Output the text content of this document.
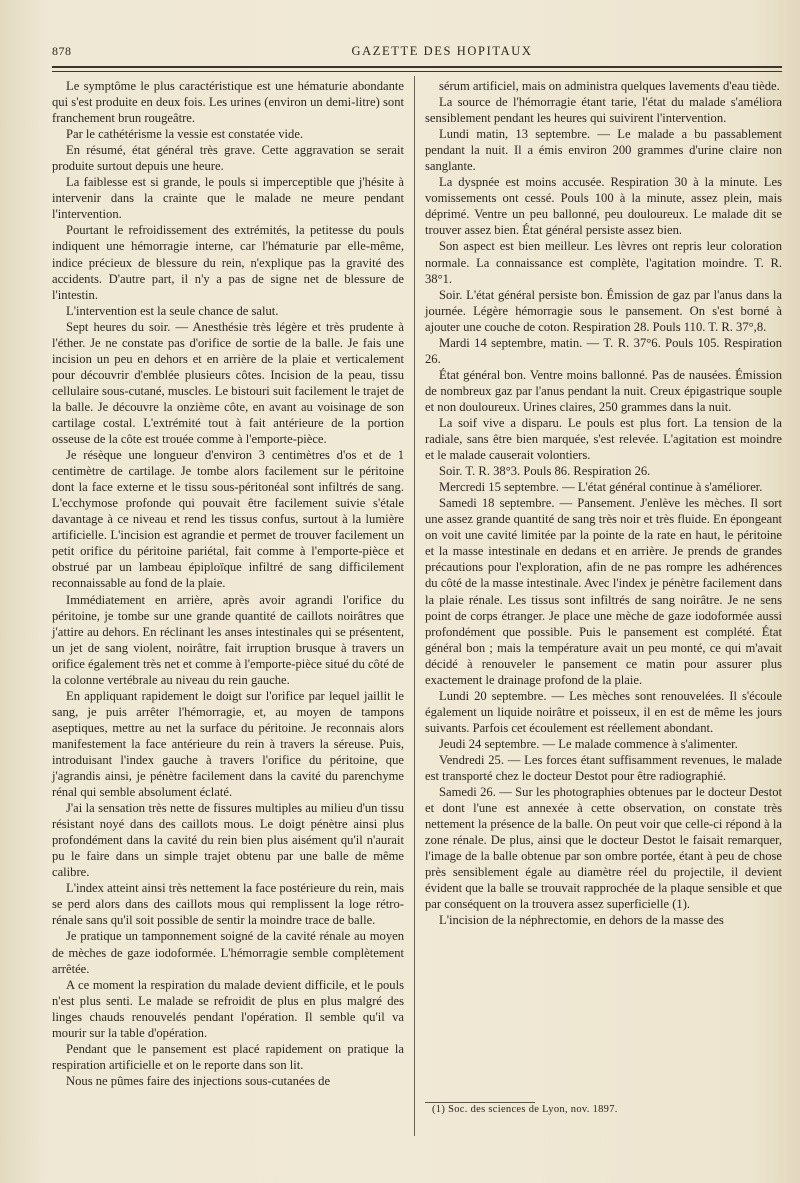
878	GAZETTE DES HOPITAUX

Le symptôme le plus caractéristique est une hématurie abondante qui s'est produite en deux fois. Les urines (environ un demi-litre) sont franchement brun rougeâtre.

Par le cathétérisme la vessie est constatée vide.

En résumé, état général très grave. Cette aggravation se serait produite surtout depuis une heure.

La faiblesse est si grande, le pouls si imperceptible que j'hésite à intervenir dans la crainte que le malade ne meure pendant l'intervention.

Pourtant le refroidissement des extrémités, la petitesse du pouls indiquent une hémorragie interne, car l'hématurie par elle-même, indice précieux de blessure du rein, n'explique pas la gravité des accidents. D'autre part, il n'y a pas de signe net de blessure de l'intestin.

L'intervention est la seule chance de salut.

Sept heures du soir. — Anesthésie très légère et très prudente à l'éther. Je ne constate pas d'orifice de sortie de la balle. Je fais une incision un peu en dehors et en arrière de la plaie et verticalement pour découvrir d'emblée plusieurs côtes. Incision de la peau, tissu cellulaire sous-cutané, muscles. Le bistouri suit facilement le trajet de la balle. Je découvre la onzième côte, en avant au voisinage de son cartilage costal. L'extrémité tout à fait antérieure de la portion osseuse de la côte est trouée comme à l'emporte-pièce.

Je résèque une longueur d'environ 3 centimètres d'os et de 1 centimètre de cartilage. Je tombe alors facilement sur le péritoine dont la face externe et le tissu sous-péritonéal sont infiltrés de sang. L'ecchymose profonde qui pouvait être facilement suivie s'étale davantage à ce niveau et rend les tissus confus, surtout à la lumière artificielle. L'incision est agrandie et permet de trouver facilement un petit orifice du péritoine pariétal, fait comme à l'emporte-pièce et obstrué par un lambeau épiploïque infiltré de sang difficilement reconnaissable au fond de la plaie.

Immédiatement en arrière, après avoir agrandi l'orifice du péritoine, je tombe sur une grande quantité de caillots noirâtres que j'attire au dehors. En réclinant les anses intestinales qui se présentent, un jet de sang violent, noirâtre, fait irruption brusque à travers un orifice également très net et comme à l'emporte-pièce situé du côté de la colonne vertébrale au niveau du rein gauche.

En appliquant rapidement le doigt sur l'orifice par lequel jaillit le sang, je puis arrêter l'hémorragie, et, au moyen de tampons aseptiques, mettre au net la surface du péritoine. Je reconnais alors manifestement la face antérieure du rein à travers la séreuse. Puis, introduisant l'index gauche à travers l'orifice du péritoine, que j'agrandis ainsi, je pénètre facilement dans la cavité du parenchyme rénal qui semble absolument éclaté.

J'ai la sensation très nette de fissures multiples au milieu d'un tissu résistant noyé dans des caillots mous. Le doigt pénètre ainsi plus profondément dans la cavité du rein bien plus aisément qu'il n'aurait pu le faire dans un simple trajet obtenu par une balle de même calibre.

L'index atteint ainsi très nettement la face postérieure du rein, mais se perd alors dans des caillots mous qui remplissent la loge rétro-rénale sans qu'il soit possible de sentir la moindre trace de balle.

Je pratique un tamponnement soigné de la cavité rénale au moyen de mèches de gaze iodoformée. L'hémorragie semble complètement arrêtée.

A ce moment la respiration du malade devient difficile, et le pouls n'est plus senti. Le malade se refroidit de plus en plus malgré des linges chauds renouvelés pendant l'opération. Il semble qu'il va mourir sur la table d'opération.

Pendant que le pansement est placé rapidement on pratique la respiration artificielle et on le reporte dans son lit.

Nous ne pûmes faire des injections sous-cutanées de

sérum artificiel, mais on administra quelques lavements d'eau tiède.

La source de l'hémorragie étant tarie, l'état du malade s'améliora sensiblement pendant les heures qui suivirent l'intervention.

Lundi matin, 13 septembre. — Le malade a bu passablement pendant la nuit. Il a émis environ 200 grammes d'urine claire non sanglante.

La dyspnée est moins accusée. Respiration 30 à la minute. Les vomissements ont cessé. Pouls 100 à la minute, assez plein, mais déprimé. Ventre un peu ballonné, peu douloureux. Le malade dit se trouver assez bien. État général persiste assez bien.

Son aspect est bien meilleur. Les lèvres ont repris leur coloration normale. La connaissance est complète, l'agitation moindre. T. R. 38°1.

Soir. L'état général persiste bon. Émission de gaz par l'anus dans la journée. Légère hémorragie sous le pansement. On s'est borné à ajouter une couche de coton. Respiration 28. Pouls 110. T. R. 37°,8.

Mardi 14 septembre, matin. — T. R. 37°6. Pouls 105. Respiration 26.

État général bon. Ventre moins ballonné. Pas de nausées. Émission de nombreux gaz par l'anus pendant la nuit. Creux épigastrique souple et non douloureux. Urines claires, 250 grammes dans la nuit.

La soif vive a disparu. Le pouls est plus fort. La tension de la radiale, sans être bien marquée, s'est relevée. L'agitation est moindre et le malade causerait volontiers.

Soir. T. R. 38°3. Pouls 86. Respiration 26.

Mercredi 15 septembre. — L'état général continue à s'améliorer.

Samedi 18 septembre. — Pansement. J'enlève les mèches. Il sort une assez grande quantité de sang très noir et très fluide. En épongeant on voit une cavité limitée par la pointe de la rate en haut, le péritoine et la masse intestinale en dedans et en arrière. Je prends de grandes précautions pour l'exploration, afin de ne pas rompre les adhérences du côté de la masse intestinale. Avec l'index je pénètre facilement dans la plaie rénale. Les tissus sont infiltrés de sang noirâtre. Je ne sens point de corps étranger. Je place une mèche de gaze iodoformée aussi profondément que possible. Puis le pansement est complété. État général bon ; mais la température avait un peu monté, ce qui m'avait décidé à renouveler le pansement ce matin pour assurer plus exactement le drainage profond de la plaie.

Lundi 20 septembre. — Les mèches sont renouvelées. Il s'écoule également un liquide noirâtre et poisseux, il en est de même les jours suivants. Parfois cet écoulement est réellement abondant.

Jeudi 24 septembre. — Le malade commence à s'alimenter.

Vendredi 25. — Les forces étant suffisamment revenues, le malade est transporté chez le docteur Destot pour être radiographié.

Samedi 26. — Sur les photographies obtenues par le docteur Destot et dont l'une est annexée à cette observation, on constate très nettement la présence de la balle. On peut voir que celle-ci répond à la zone rénale. De plus, ainsi que le docteur Destot le faisait remarquer, l'image de la balle obtenue par son ombre portée, étant à peu de chose près sensiblement égale au diamètre réel du projectile, il devient évident que la balle se trouvait rapprochée de la plaque sensible et que par conséquent on la trouvera assez superficielle (1).

L'incision de la néphrectomie, en dehors de la masse des

(1) Soc. des sciences de Lyon, nov. 1897.
